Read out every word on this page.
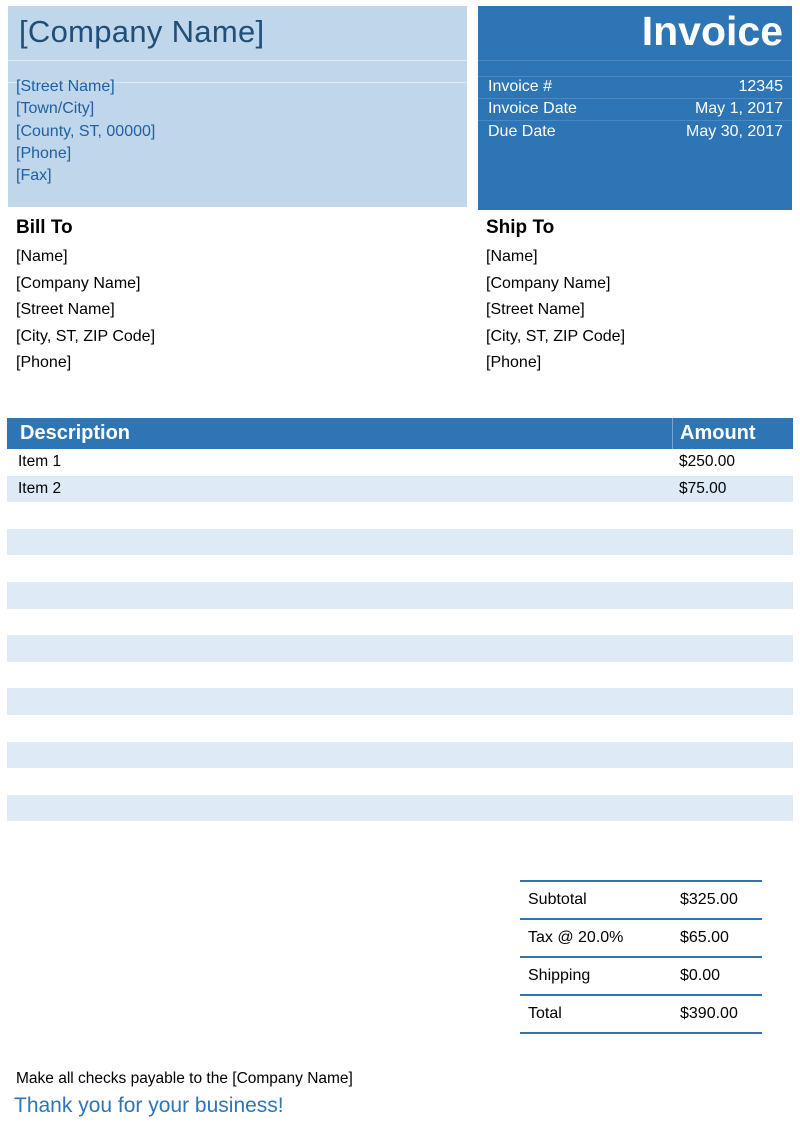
[Company Name]
[Street Name]
[Town/City]
[County, ST, 00000]
[Phone]
[Fax]
Invoice
Invoice #	12345
Invoice Date	May 1, 2017
Due Date	May 30, 2017
Bill To
[Name]
[Company Name]
[Street Name]
[City, ST, ZIP Code]
[Phone]
Ship To
[Name]
[Company Name]
[Street Name]
[City, ST, ZIP Code]
[Phone]
Description	Amount
Item 1	$250.00
Item 2	$75.00
Subtotal	$325.00
Tax @ 20.0%	$65.00
Shipping	$0.00
Total	$390.00
Make all checks payable to the [Company Name]
Thank you for your business!
